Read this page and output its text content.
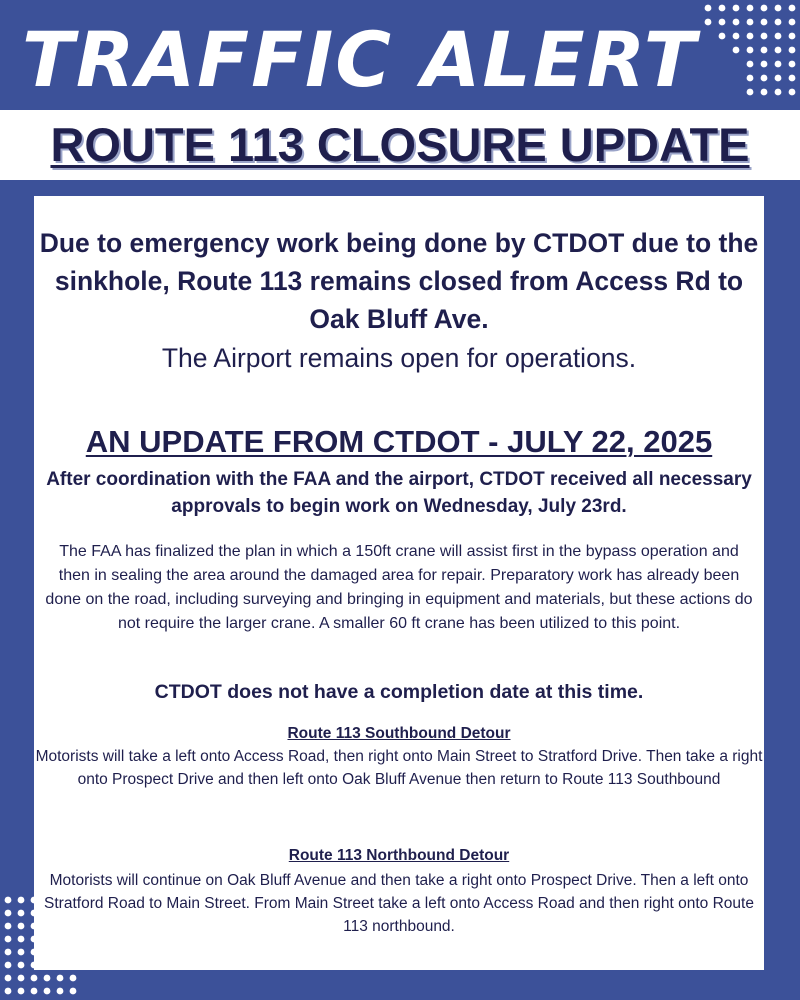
TRAFFIC ALERT
ROUTE 113 CLOSURE UPDATE

Due to emergency work being done by CTDOT due to the sinkhole, Route 113 remains closed from Access Rd to Oak Bluff Ave.

The Airport remains open for operations.

AN UPDATE FROM CTDOT - JULY 22, 2025

After coordination with the FAA and the airport, CTDOT received all necessary approvals to begin work on Wednesday, July 23rd.

The FAA has finalized the plan in which a 150ft crane will assist first in the bypass operation and then in sealing the area around the damaged area for repair. Preparatory work has already been done on the road, including surveying and bringing in equipment and materials, but these actions do not require the larger crane. A smaller 60 ft crane has been utilized to this point.

CTDOT does not have a completion date at this time.

Route 113 Southbound Detour

Motorists will take a left onto Access Road, then right onto Main Street to Stratford Drive. Then take a right onto Prospect Drive and then left onto Oak Bluff Avenue then return to Route 113 Southbound

Route 113 Northbound Detour

Motorists will continue on Oak Bluff Avenue and then take a right onto Prospect Drive. Then a left onto Stratford Road to Main Street. From Main Street take a left onto Access Road and then right onto Route 113 northbound.
